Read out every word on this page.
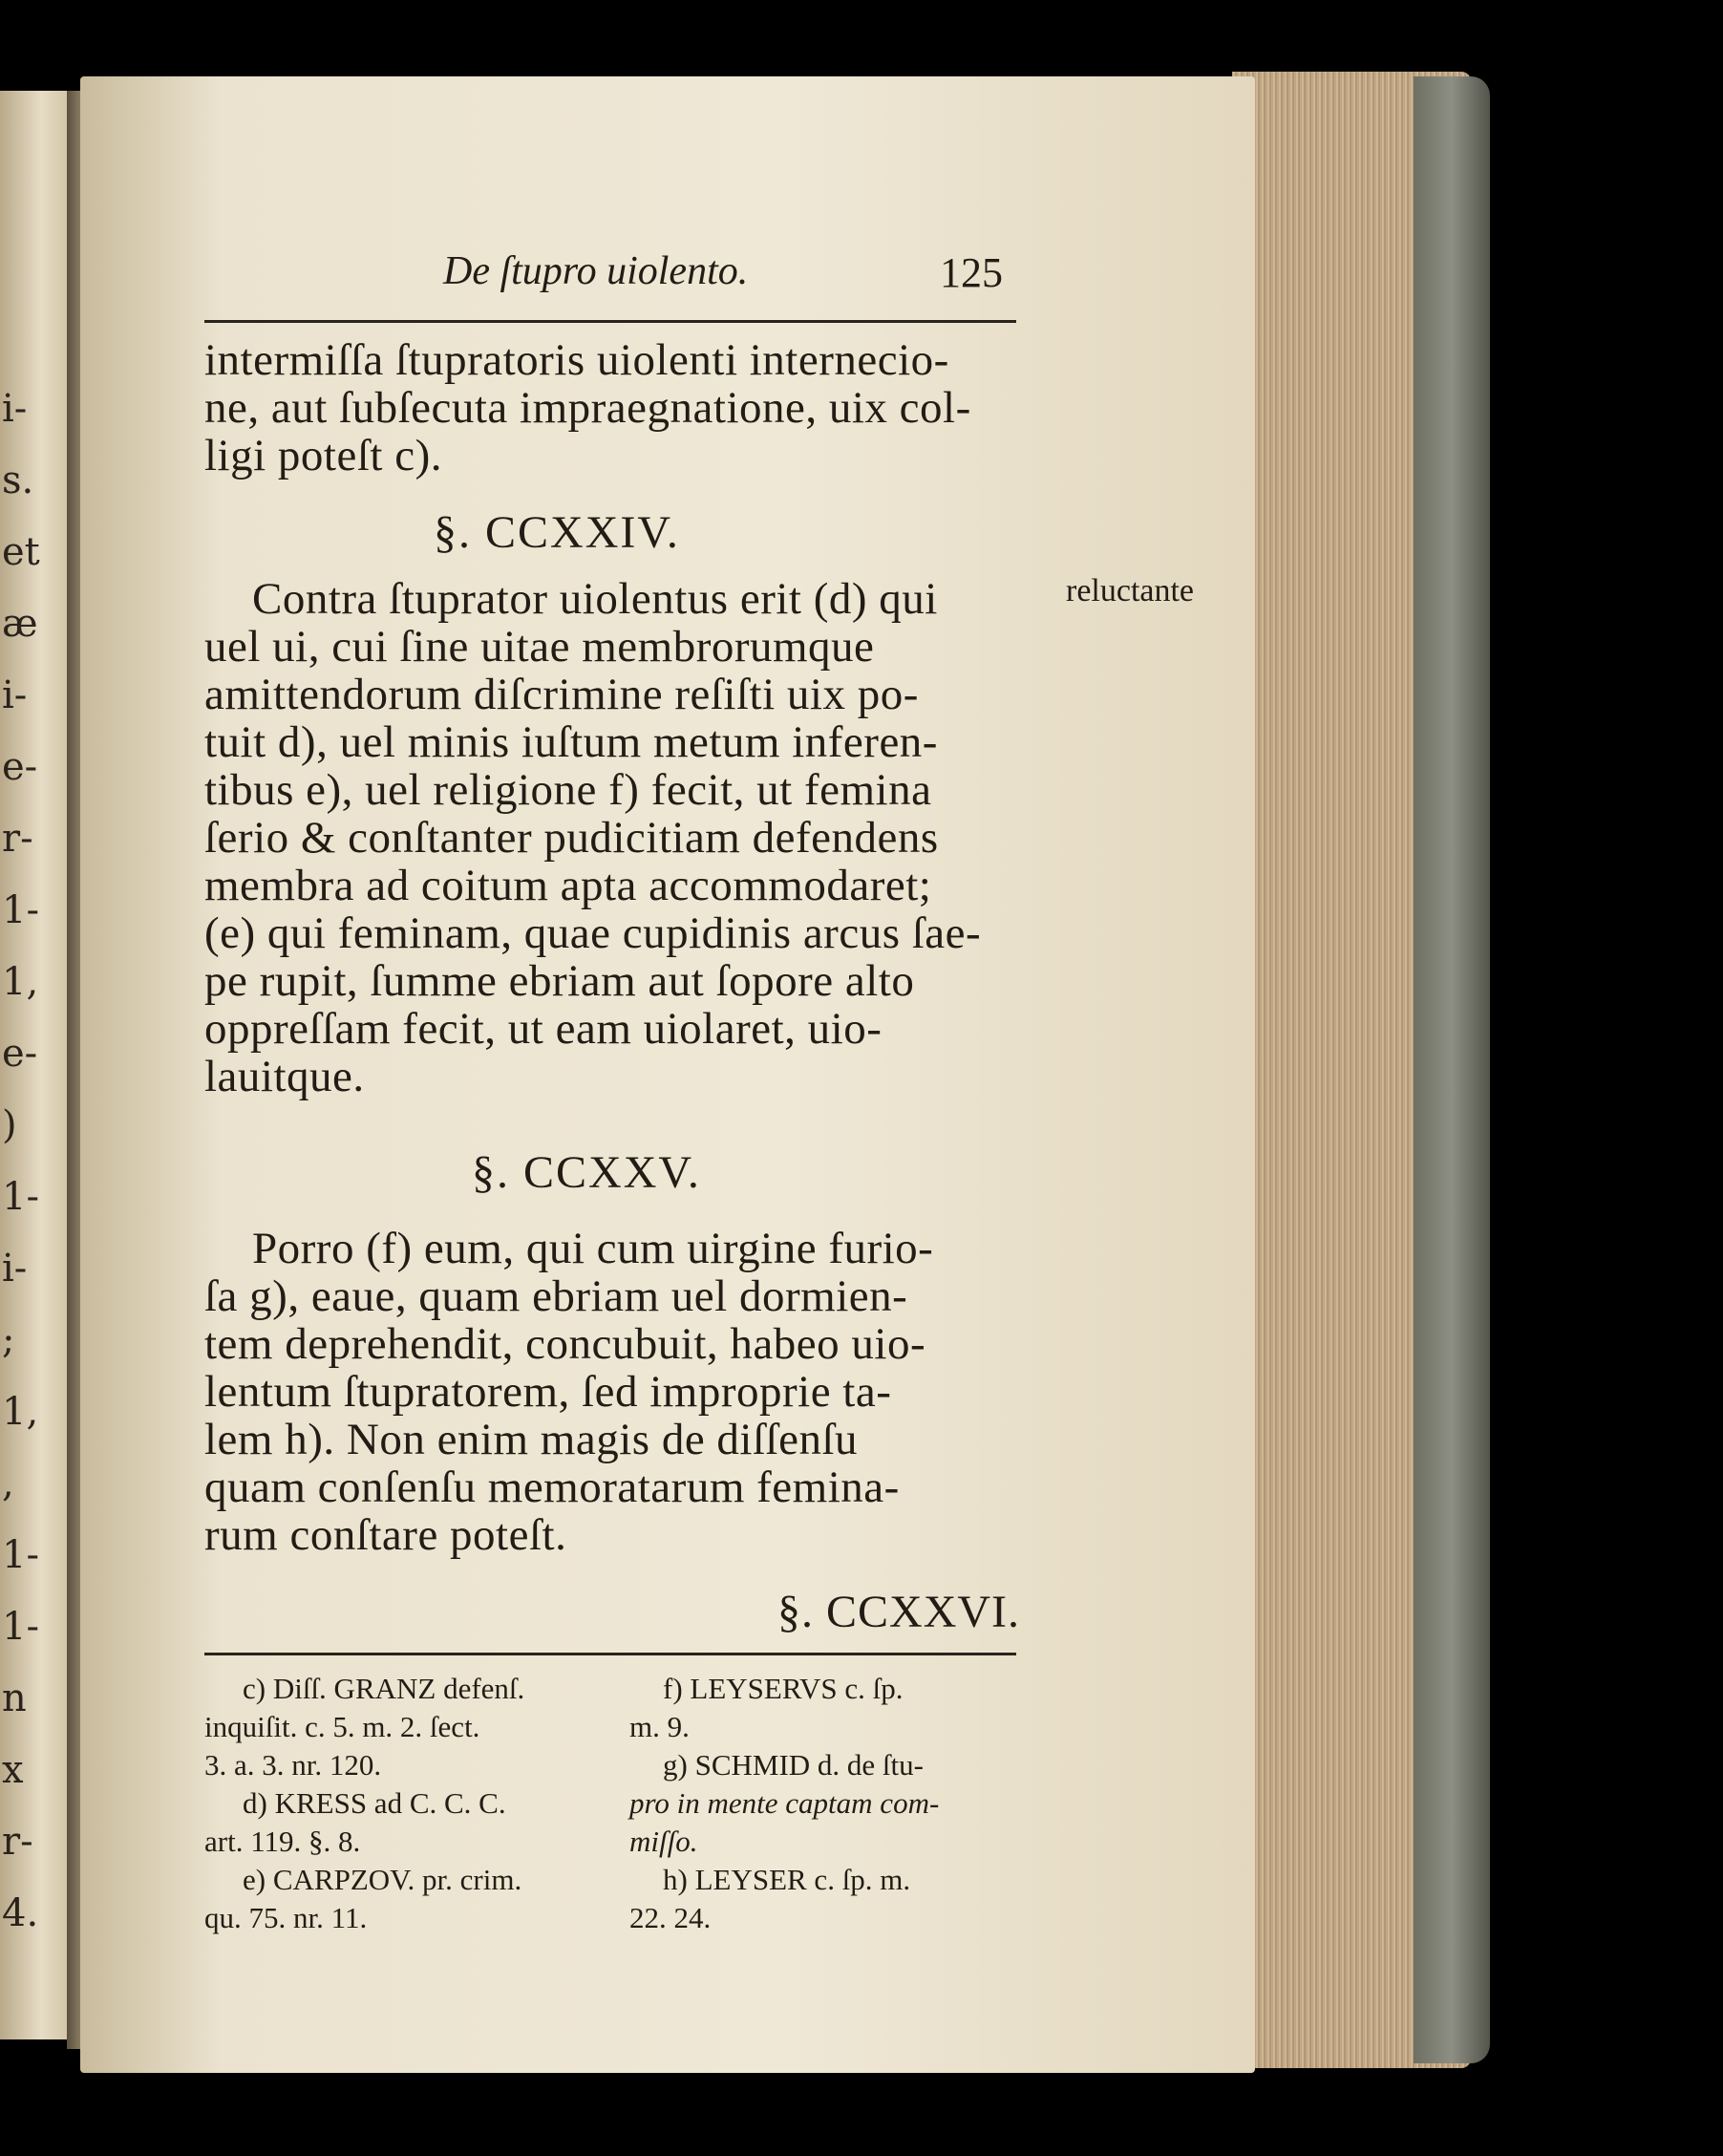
i-
s.
et
æ
i-
e-
r-
1-
1,
e-
)
1-
i-
;
1,
,
1-
1-
n
x
r-
4.
De ſtupro uiolento.	125
intermiſſa ſtupratoris uiolenti internecio-
ne, aut ſubſecuta impraegnatione, uix col-
ligi poteſt c).
§. CCXXIV.
Contra ſtuprator uiolentus erit (d) qui
uel ui, cui ſine uitae membrorumque
amittendorum diſcrimine reſiſti uix po-
tuit d), uel minis iuſtum metum inferen-
tibus e), uel religione f) fecit, ut femina
ſerio & conſtanter pudicitiam defendens
membra ad coitum apta accommodaret;
(e) qui feminam, quae cupidinis arcus ſae-
pe rupit, ſumme ebriam aut ſopore alto
oppreſſam fecit, ut eam uiolaret, uio-
lauitque.
§. CCXXV.
Porro (f) eum, qui cum uirgine furio-
ſa g), eaue, quam ebriam uel dormien-
tem deprehendit, concubuit, habeo uio-
lentum ſtupratorem, ſed improprie ta-
lem h). Non enim magis de diſſenſu
quam conſenſu memoratarum femina-
rum conſtare poteſt.
§. CCXXVI.
c) Diſſ. GRANZ defenſ.
inquiſit. c. 5. m. 2. ſect.
3. a. 3. nr. 120.
d) KRESS ad C. C. C.
art. 119. §. 8.
e) CARPZOV. pr. crim.
qu. 75. nr. 11.
f) LEYSERVS c. ſp.
m. 9.
g) SCHMID d. de ſtu-
pro in mente captam com-
miſſo.
h) LEYSER c. ſp. m.
22. 24.
reluctante
